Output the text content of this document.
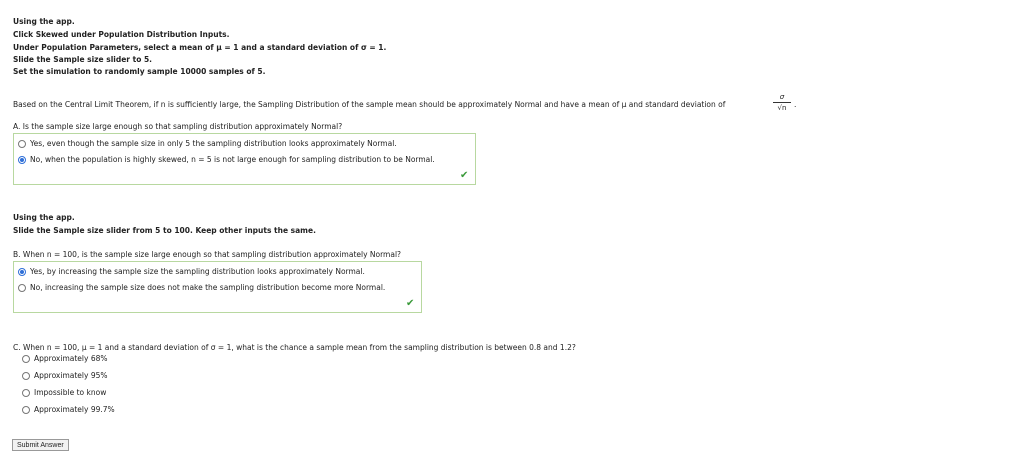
Using the app.
Click Skewed under Population Distribution Inputs.
Under Population Parameters, select a mean of μ = 1 and a standard deviation of σ = 1.
Slide the Sample size slider to 5.
Set the simulation to randomly sample 10000 samples of 5.
Based on the Central Limit Theorem, if n is sufficiently large, the Sampling Distribution of the sample mean should be approximately Normal and have a mean of μ and standard deviation of	$\frac{\sigma}{√n}$ .
A. Is the sample size large enough so that sampling distribution approximately Normal?
Yes, even though the sample size in only 5 the sampling distribution looks approximately Normal.
No, when the population is highly skewed, n = 5 is not large enough for sampling distribution to be Normal.
✔
Using the app.
Slide the Sample size slider from 5 to 100. Keep other inputs the same.
B. When n = 100, is the sample size large enough so that sampling distribution approximately Normal?
Yes, by increasing the sample size the sampling distribution looks approximately Normal.
No, increasing the sample size does not make the sampling distribution become more Normal.
✔
C. When n = 100, μ = 1 and a standard deviation of σ = 1, what is the chance a sample mean from the sampling distribution is between 0.8 and 1.2?
Approximately 68%
Approximately 95%
Impossible to know
Approximately 99.7%
Submit Answer
